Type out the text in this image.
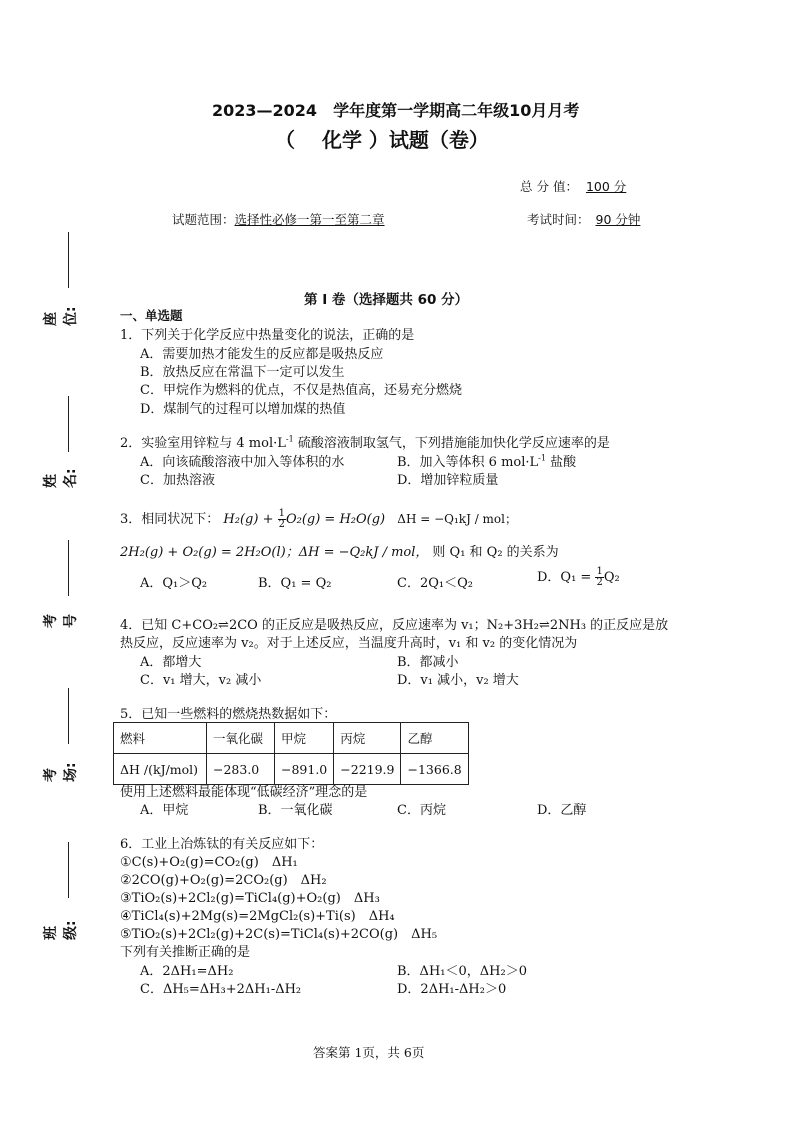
座位:
姓名:
考号
考场:
班级:
2023—2024　学年度第一学期高二年级10月月考
（　 化学 ）试题（卷）
总 分 值： 100 分
试题范围：选择性必修一第一至第二章	考试时间： 90 分钟
第 I 卷（选择题共 60 分）
一、单选题
1．下列关于化学反应中热量变化的说法，正确的是
A．需要加热才能发生的反应都是吸热反应
B．放热反应在常温下一定可以发生
C．甲烷作为燃料的优点，不仅是热值高，还易充分燃烧
D．煤制气的过程可以增加煤的热值
2．实验室用锌粒与 4 $mol\cdot L^{-1}$ 硫酸溶液制取氢气，下列措施能加快化学反应速率的是
A．向该硫酸溶液中加入等体积的水	B．加入等体积 6 $mol\cdot L^{-1}$ 盐酸
C．加热溶液	D．增加锌粒质量
3．相同状况下： $H_2(g) + \frac{1}{2} O_2(g) = H_2O(g) \Delta H = -Q_1kJ$ / mol；
2H₂(g) + O₂(g) = 2H₂O(l)；ΔH = −Q₂kJ / mol， 则 Q₁ 和 Q₂ 的关系为
A．Q₁＞Q₂	B．Q₁ = Q₂	C．2Q₁＜Q₂	D．$Q_1 = \frac{1}{2} Q_2$
4．已知 C+CO₂⇌2CO 的正反应是吸热反应，反应速率为 v₁；N₂+3H₂⇌2NH₃ 的正反应是放
热反应，反应速率为 v₂。对于上述反应，当温度升高时，v₁ 和 v₂ 的变化情况为
A．都增大	B．都减小
C．v₁ 增大，v₂ 减小	D．v₁ 减小，v₂ 增大
5．已知一些燃料的燃烧热数据如下：
燃料	一氧化碳	甲烷	丙烷	乙醇
ΔH /(kJ/mol)	−283.0	−891.0	−2219.9	−1366.8
使用上述燃料最能体现“低碳经济”理念的是
A．甲烷	B．一氧化碳	C．丙烷	D．乙醇
6．工业上冶炼钛的有关反应如下：
①C(s)+O₂(g)=CO₂(g)　ΔH₁
②2CO(g)+O₂(g)=2CO₂(g)　ΔH₂
③TiO₂(s)+2Cl₂(g)=TiCl₄(g)+O₂(g)　ΔH₃
④TiCl₄(s)+2Mg(s)=2MgCl₂(s)+Ti(s)　ΔH₄
⑤TiO₂(s)+2Cl₂(g)+2C(s)=TiCl₄(s)+2CO(g)　ΔH₅
下列有关推断正确的是
A．2ΔH₁=ΔH₂	B．ΔH₁＜0，ΔH₂＞0
C．ΔH₅=ΔH₃+2ΔH₁-ΔH₂	D．2ΔH₁-ΔH₂＞0
答案第 1页，共 6页
